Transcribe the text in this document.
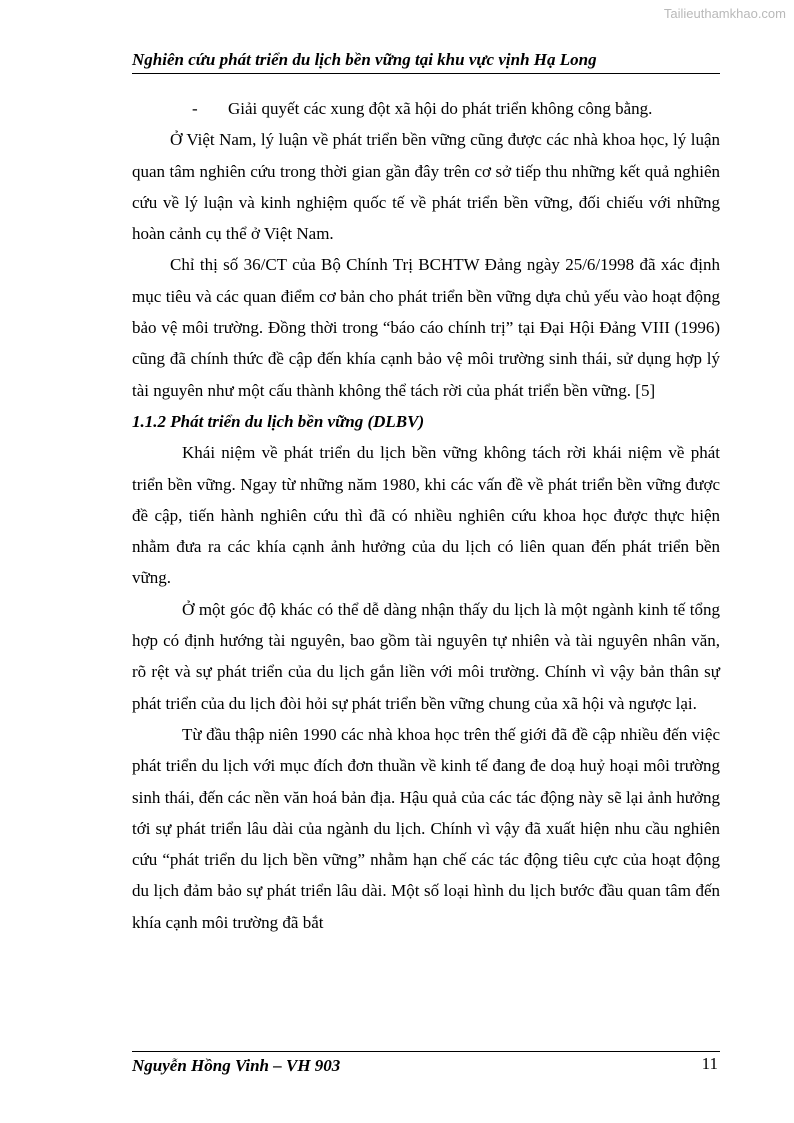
Tailieuthamkhao.com
Nghiên cứu phát triển du lịch bền vững tại khu vực vịnh Hạ Long

- Giải quyết các xung đột xã hội do phát triển không công bằng.

Ở Việt Nam, lý luận về phát triển bền vững cũng được các nhà khoa học, lý luận quan tâm nghiên cứu trong thời gian gần đây trên cơ sở tiếp thu những kết quả nghiên cứu về lý luận và kinh nghiệm quốc tế về phát triển bền vững, đối chiếu với những hoàn cảnh cụ thể ở Việt Nam.

Chỉ thị số 36/CT của Bộ Chính Trị BCHTW Đảng ngày 25/6/1998 đã xác định mục tiêu và các quan điểm cơ bản cho phát triển bền vững dựa chủ yếu vào hoạt động bảo vệ môi trường. Đồng thời trong “báo cáo chính trị” tại Đại Hội Đảng VIII (1996) cũng đã chính thức đề cập đến khía cạnh bảo vệ môi trường sinh thái, sử dụng hợp lý tài nguyên như một cấu thành không thể tách rời của phát triển bền vững. [5]

1.1.2 Phát triển du lịch bền vững (DLBV)

Khái niệm về phát triển du lịch bền vững không tách rời khái niệm về phát triển bền vững. Ngay từ những năm 1980, khi các vấn đề về phát triển bền vững được đề cập, tiến hành nghiên cứu thì đã có nhiều nghiên cứu khoa học được thực hiện nhằm đưa ra các khía cạnh ảnh hưởng của du lịch có liên quan đến phát triển bền vững.

Ở một góc độ khác có thể dễ dàng nhận thấy du lịch là một ngành kinh tế tổng hợp có định hướng tài nguyên, bao gồm tài nguyên tự nhiên và tài nguyên nhân văn, rõ rệt và sự phát triển của du lịch gắn liền với môi trường. Chính vì vậy bản thân sự phát triển của du lịch đòi hỏi sự phát triển bền vững chung của xã hội và ngược lại.

Từ đầu thập niên 1990 các nhà khoa học trên thế giới đã đề cập nhiều đến việc phát triển du lịch với mục đích đơn thuần về kinh tế đang đe doạ huỷ hoại môi trường sinh thái, đến các nền văn hoá bản địa. Hậu quả của các tác động này sẽ lại ảnh hưởng tới sự phát triển lâu dài của ngành du lịch. Chính vì vậy đã xuất hiện nhu cầu nghiên cứu “phát triển du lịch bền vững” nhằm hạn chế các tác động tiêu cực của hoạt động du lịch đảm bảo sự phát triển lâu dài. Một số loại hình du lịch bước đầu quan tâm đến khía cạnh môi trường đã bắt

Nguyễn Hồng Vinh – VH 903	11
